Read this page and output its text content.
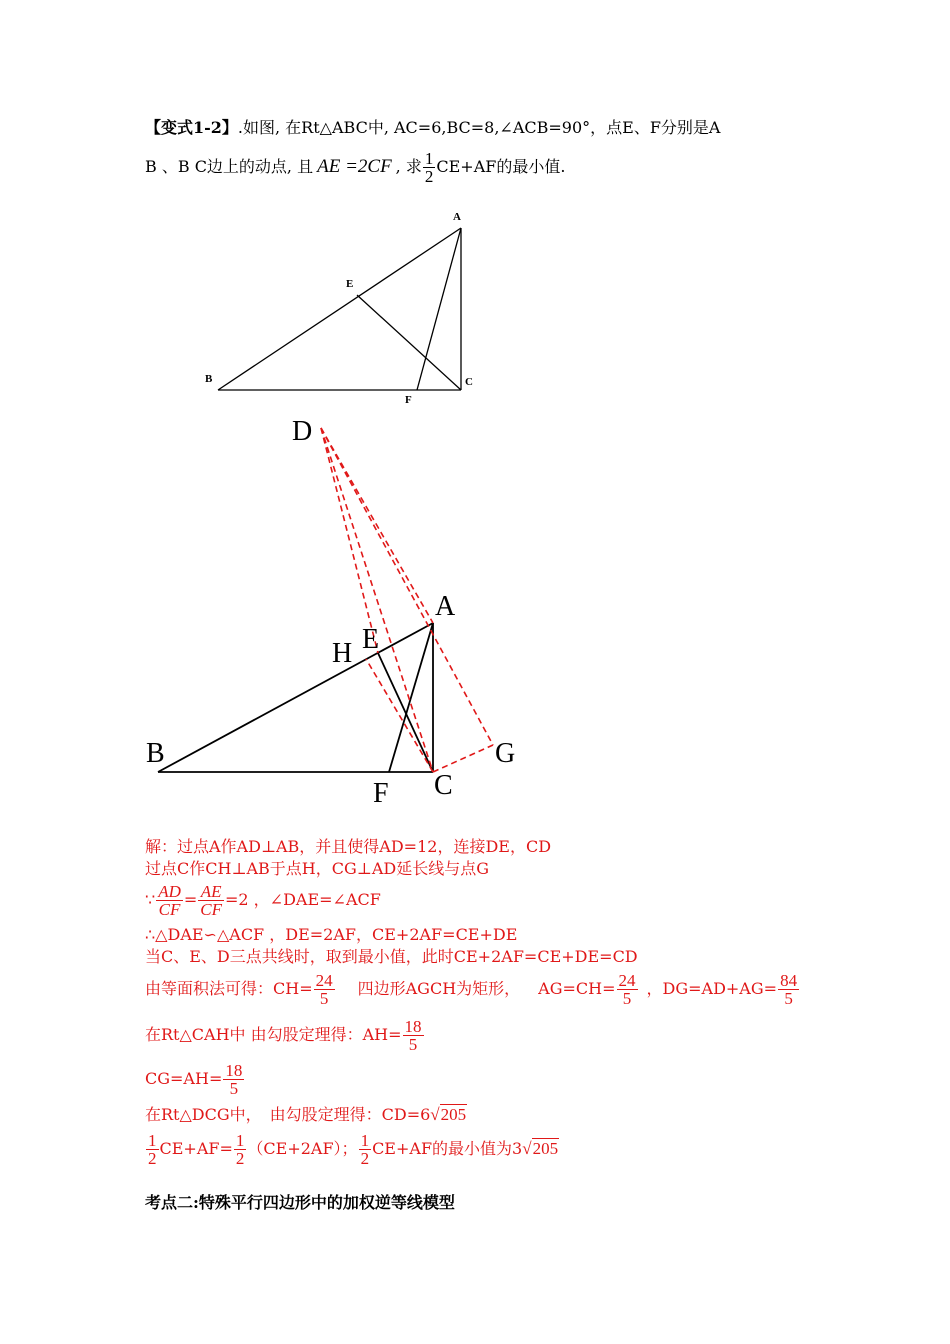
【变式1-2】.如图, 在Rt△ABC中, AC=6,BC=8,∠ACB=90°，点E、F分别是A
B 、B C边上的动点, 且 AE =2CF , 求 $\frac{1}{2} CE+AF$的最小值.
A
B	C
E
F
D
A
E
H
B	G
F C
解：过点A作AD⊥AB，并且使得AD=12，连接DE，CD
过点C作CH⊥AB于点H，CG⊥AD延长线与点G
∵ $\frac{AD}{CF} = \frac{AE}{CF} =2$ ，∠DAE=∠ACF
∴△DAE∽△ACF ，DE=2AF，CE+2AF=CE+DE
当C、E、D三点共线时，取到最小值，此时CE+2AF=CE+DE=CD
由等面积法可得：$CH= \frac{24}{5}$ 四边形AGCH为矩形， $AG=CH= \frac{24}{5}$ ，$DG=AD+AG= \frac{84}{5}$
在Rt△CAH中 由勾股定理得：$AH= \frac{18}{5}$
$CG=AH= \frac{18}{5}$
在Rt△DCG中，　由勾股定理得：CD=6 √205
$\frac{1}{2} CE+AF= \frac{1}{2} (CE+2AF)$； $\frac{1}{2} CE+AF$的最小值为3 √205
考点二:特殊平行四边形中的加权逆等线模型
